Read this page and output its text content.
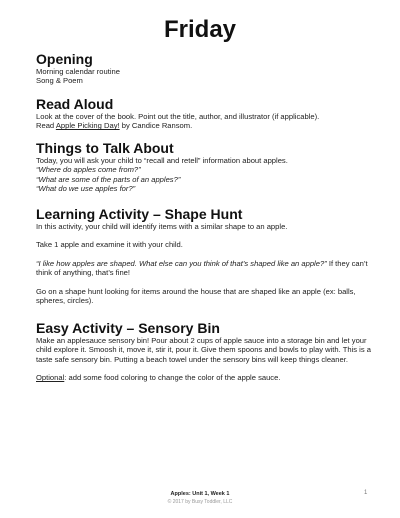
Friday
Opening

Morning calendar routine

Song & Poem

Read Aloud

Look at the cover of the book. Point out the title, author, and illustrator (if applicable).

Read Apple Picking Day! by Candice Ransom.

Things to Talk About

Today, you will ask your child to “recall and retell” information about apples.

“Where do apples come from?”

“What are some of the parts of an apples?”

“What do we use apples for?”

Learning Activity – Shape Hunt

In this activity, your child will identify items with a similar shape to an apple.

Take 1 apple and examine it with your child.

“I like how apples are shaped. What else can you think of that’s shaped like an apple?” If they can’t think of anything, that’s fine!

Go on a shape hunt looking for items around the house that are shaped like an apple (ex: balls, spheres, circles).

Easy Activity – Sensory Bin

Make an applesauce sensory bin! Pour about 2 cups of apple sauce into a storage bin and let your child explore it. Smoosh it, move it, stir it, pour it. Give them spoons and bowls to play with. This is a taste safe sensory bin. Putting a beach towel under the sensory bins will keep things cleaner.

Optional: add some food coloring to change the color of the apple sauce.

1
Apples: Unit 1, Week 1
© 2017 by Busy Toddler, LLC
